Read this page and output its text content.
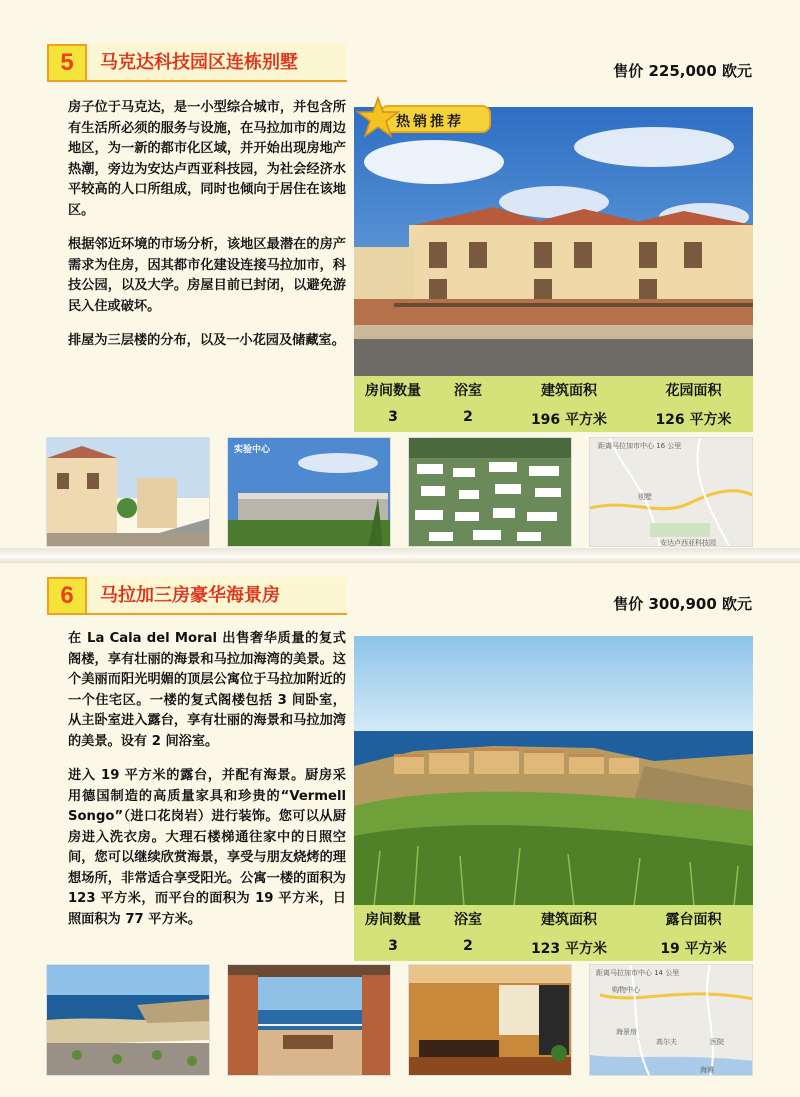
5	马克达科技园区连栋别墅	售价 225,000 欧元

房子位于马克达，是一小型综合城市，并包含所有生活所必须的服务与设施，在马拉加市的周边地区，为一新的都市化区域，并开始出现房地产热潮，旁边为安达卢西亚科技园，为社会经济水平较高的人口所组成，同时也倾向于居住在该地区。

根据邻近环境的市场分析，该地区最潜在的房产需求为住房，因其都市化建设连接马拉加市，科技公园，以及大学。房屋目前已封闭，以避免游民入住或破坏。

排屋为三层楼的分布，以及一小花园及储藏室。

热销推荐
房间数量	浴室	建筑面积	花园面积
3	2	196 平方米	126 平方米
实验中心	距离马拉加市中心 16 公里
别墅
安达卢西亚科技园
6	马拉加三房豪华海景房	售价 300,900 欧元

在 La Cala del Moral 出售奢华质量的复式阁楼，享有壮丽的海景和马拉加海湾的美景。这个美丽而阳光明媚的顶层公寓位于马拉加附近的一个住宅区。一楼的复式阁楼包括 3 间卧室，从主卧室进入露台，享有壮丽的海景和马拉加湾的美景。设有 2 间浴室。

进入 19 平方米的露台，并配有海景。厨房采用德国制造的高质量家具和珍贵的“Vermell Songo”（进口花岗岩）进行装饰。您可以从厨房进入洗衣房。大理石楼梯通往家中的日照空间，您可以继续欣赏海景，享受与朋友烧烤的理想场所，非常适合享受阳光。公寓一楼的面积为 123 平方米，而平台的面积为 19 平方米，日照面积为 77 平方米。	房间数量	浴室	建筑面积	露台面积
3	2	123 平方米	19 平方米
距离马拉加市中心 14 公里
购物中心
海景房
高尔夫	医院
海滩
